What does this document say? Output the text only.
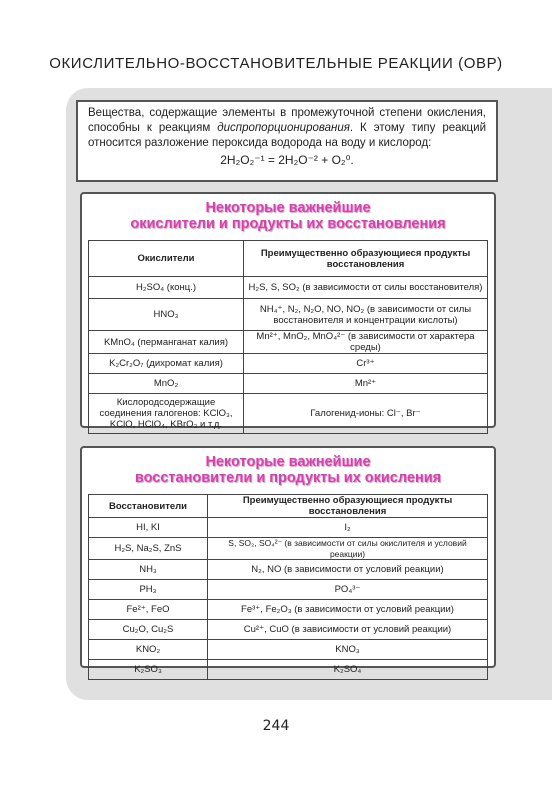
ОКИСЛИТЕЛЬНО-ВОССТАНОВИТЕЛЬНЫЕ РЕАКЦИИ (ОВР)
Вещества, содержащие элементы в промежуточной степени окисления, способны к реакциям диспропорционирования. К этому типу реакций относится разложение пероксида водорода на воду и кислород:
2H₂O₂⁻¹ = 2H₂O⁻² + O₂⁰.
Некоторые важнейшие
окислители и продукты их восстановления
Окислители	Преимущественно образующиеся продукты восстановления
H₂SO₄ (конц.)	H₂S, S, SO₂ (в зависимости от силы восстановителя)
HNO₃	NH₄⁺, N₂, N₂O, NO, NO₂ (в зависимости от силы восстановителя и концентрации кислоты)
KMnO₄ (перманганат калия)	Mn²⁺, MnO₂, MnO₄²⁻ (в зависимости от характера среды)
K₂Cr₂O₇ (дихромат калия)	Cr³⁺
MnO₂	Mn²⁺
Кислородсодержащие соединения галогенов: KClO₃, KClO, HClO₄, KBrO₃ и т.д.	Галогенид-ионы: Cl⁻, Br⁻
Некоторые важнейшие
восстановители и продукты их окисления
Восстановители	Преимущественно образующиеся продукты восстановления
HI, KI	I₂
H₂S, Na₂S, ZnS	S, SO₂, SO₄²⁻ (в зависимости от силы окислителя и условий реакции)
NH₃	N₂, NO (в зависимости от условий реакции)
PH₃	PO₄³⁻
Fe²⁺, FeO	Fe³⁺, Fe₂O₃ (в зависимости от условий реакции)
Cu₂O, Cu₂S	Cu²⁺, CuO (в зависимости от условий реакции)
KNO₂	KNO₃
K₂SO₃	K₂SO₄
244
